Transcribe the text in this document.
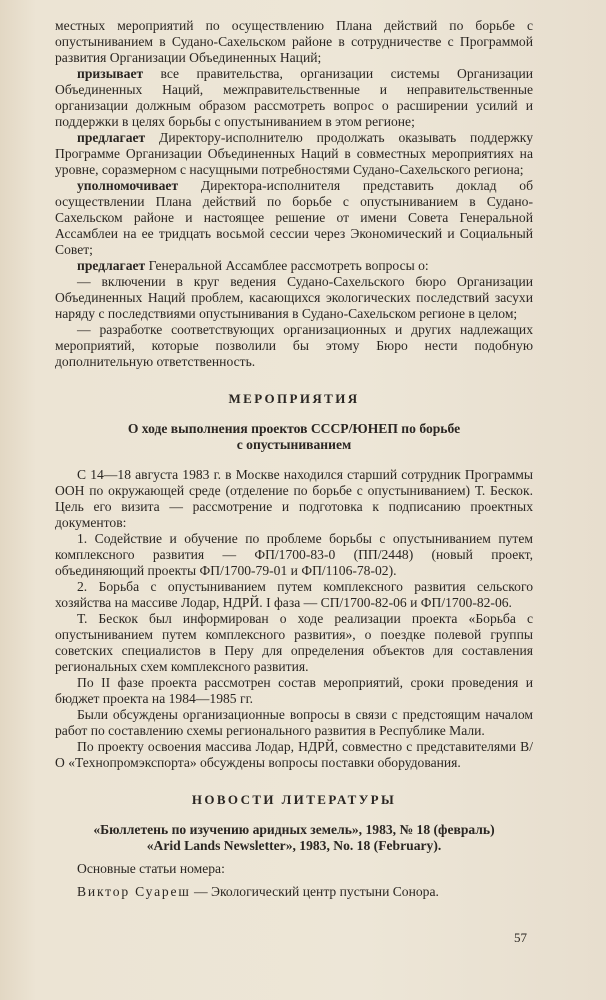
местных мероприятий по осуществлению Плана действий по борьбе с опустыниванием в Судано-Сахельском районе в сотрудничестве с Программой развития Организации Объединенных Наций;

призывает все правительства, организации системы Организации Объединенных Наций, межправительственные и неправительственные организации должным образом рассмотреть вопрос о расширении усилий и поддержки в целях борьбы с опустыниванием в этом регионе;

предлагает Директору-исполнителю продолжать оказывать поддержку Программе Организации Объединенных Наций в совместных мероприятиях на уровне, соразмерном с насущными потребностями Судано-Сахельского региона;

уполномочивает Директора-исполнителя представить доклад об осуществлении Плана действий по борьбе с опустыниванием в Судано-Сахельском районе и настоящее решение от имени Совета Генеральной Ассамблеи на ее тридцать восьмой сессии через Экономический и Социальный Совет;

предлагает Генеральной Ассамблее рассмотреть вопросы о:

— включении в круг ведения Судано-Сахельского бюро Организации Объединенных Наций проблем, касающихся экологических последствий засухи наряду с последствиями опустынивания в Судано-Сахельском регионе в целом;

— разработке соответствующих организационных и других надлежащих мероприятий, которые позволили бы этому Бюро нести подобную дополнительную ответственность.

МЕРОПРИЯТИЯ
О ходе выполнения проектов СССР/ЮНЕП по борьбе
с опустыниванием

С 14—18 августа 1983 г. в Москве находился старший сотрудник Программы ООН по окружающей среде (отделение по борьбе с опустыниванием) Т. Бескок. Цель его визита — рассмотрение и подготовка к подписанию проектных документов:

1. Содействие и обучение по проблеме борьбы с опустыниванием путем комплексного развития — ФП/1700-83-0 (ПП/2448) (новый проект, объединяющий проекты ФП/1700-79-01 и ФП/1106-78-02).

2. Борьба с опустыниванием путем комплексного развития сельского хозяйства на массиве Лодар, НДРЙ. I фаза — СП/1700-82-06 и ФП/1700-82-06.

Т. Бескок был информирован о ходе реализации проекта «Борьба с опустыниванием путем комплексного развития», о поездке полевой группы советских специалистов в Перу для определения объектов для составления региональных схем комплексного развития.

По II фазе проекта рассмотрен состав мероприятий, сроки проведения и бюджет проекта на 1984—1985 гг.

Были обсуждены организационные вопросы в связи с предстоящим началом работ по составлению схемы регионального развития в Республике Мали.

По проекту освоения массива Лодар, НДРЙ, совместно с представителями В/О «Технопромэкспорта» обсуждены вопросы поставки оборудования.

НОВОСТИ ЛИТЕРАТУРЫ
«Бюллетень по изучению аридных земель», 1983, № 18 (февраль)
«Arid Lands Newsletter», 1983, No. 18 (February).

Основные статьи номера:

Виктор Суареш — Экологический центр пустыни Сонора.

57
